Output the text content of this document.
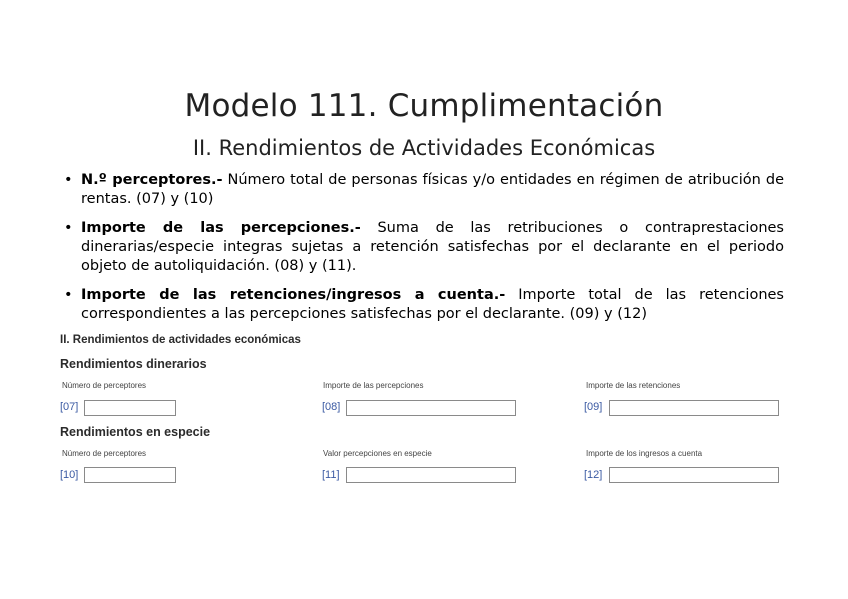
Modelo 111. Cumplimentación
II. Rendimientos de Actividades Económicas
• N.º perceptores.- Número total de personas físicas y/o entidades en régimen de atribución de rentas. (07) y (10)
• Importe de las percepciones.- Suma de las retribuciones o contraprestaciones dinerarias/especie integras sujetas a retención satisfechas por el declarante en el periodo objeto de autoliquidación. (08) y (11).
• Importe de las retenciones/ingresos a cuenta.- Importe total de las retenciones correspondientes a las percepciones satisfechas por el declarante. (09) y (12)
II. Rendimientos de actividades económicas
Rendimientos dinerarios
Número de perceptores
[07]
Importe de las percepciones
[08]
Importe de las retenciones
[09]
Rendimientos en especie
Número de perceptores
[10]
Valor percepciones en especie
[11]
Importe de los ingresos a cuenta
[12]
